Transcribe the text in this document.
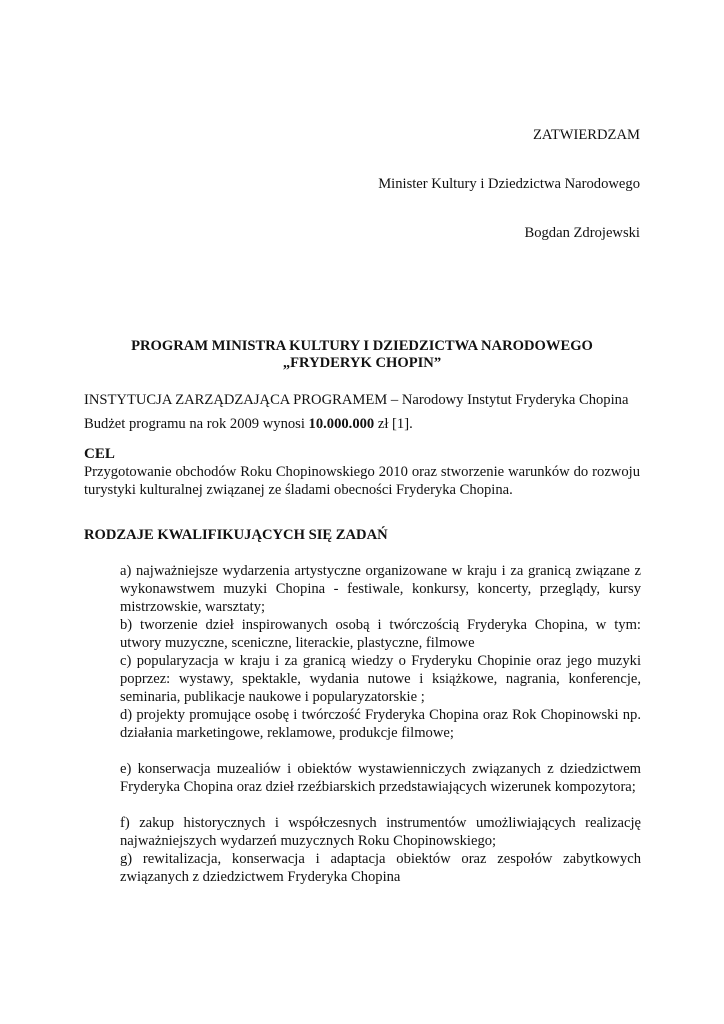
ZATWIERDZAM
Minister Kultury i Dziedzictwa Narodowego
Bogdan Zdrojewski
PROGRAM MINISTRA KULTURY I DZIEDZICTWA NARODOWEGO
„FRYDERYK CHOPIN”
INSTYTUCJA ZARZĄDZAJĄCA PROGRAMEM – Narodowy Instytut Fryderyka Chopina
Budżet programu na rok 2009 wynosi 10.000.000 zł [1].
CEL
Przygotowanie obchodów Roku Chopinowskiego 2010 oraz stworzenie warunków do rozwoju turystyki kulturalnej związanej ze śladami obecności Fryderyka Chopina.
RODZAJE KWALIFIKUJĄCYCH SIĘ ZADAŃ

a) najważniejsze wydarzenia artystyczne organizowane w kraju i za granicą związane z wykonawstwem muzyki Chopina - festiwale, konkursy, koncerty, przeglądy, kursy mistrzowskie, warsztaty;

b) tworzenie dzieł inspirowanych osobą i twórczością Fryderyka Chopina, w tym: utwory muzyczne, sceniczne, literackie, plastyczne, filmowe

c) popularyzacja w kraju i za granicą wiedzy o Fryderyku Chopinie oraz jego muzyki poprzez: wystawy, spektakle, wydania nutowe i książkowe, nagrania, konferencje, seminaria, publikacje naukowe i popularyzatorskie ;

d) projekty promujące osobę i twórczość Fryderyka Chopina oraz Rok Chopinowski np. działania marketingowe, reklamowe, produkcje filmowe;

e) konserwacja muzealiów i obiektów wystawienniczych związanych z dziedzictwem Fryderyka Chopina oraz dzieł rzeźbiarskich przedstawiających wizerunek kompozytora;

f) zakup historycznych i współczesnych instrumentów umożliwiających realizację najważniejszych wydarzeń muzycznych Roku Chopinowskiego;

g) rewitalizacja, konserwacja i adaptacja obiektów oraz zespołów zabytkowych związanych z dziedzictwem Fryderyka Chopina
